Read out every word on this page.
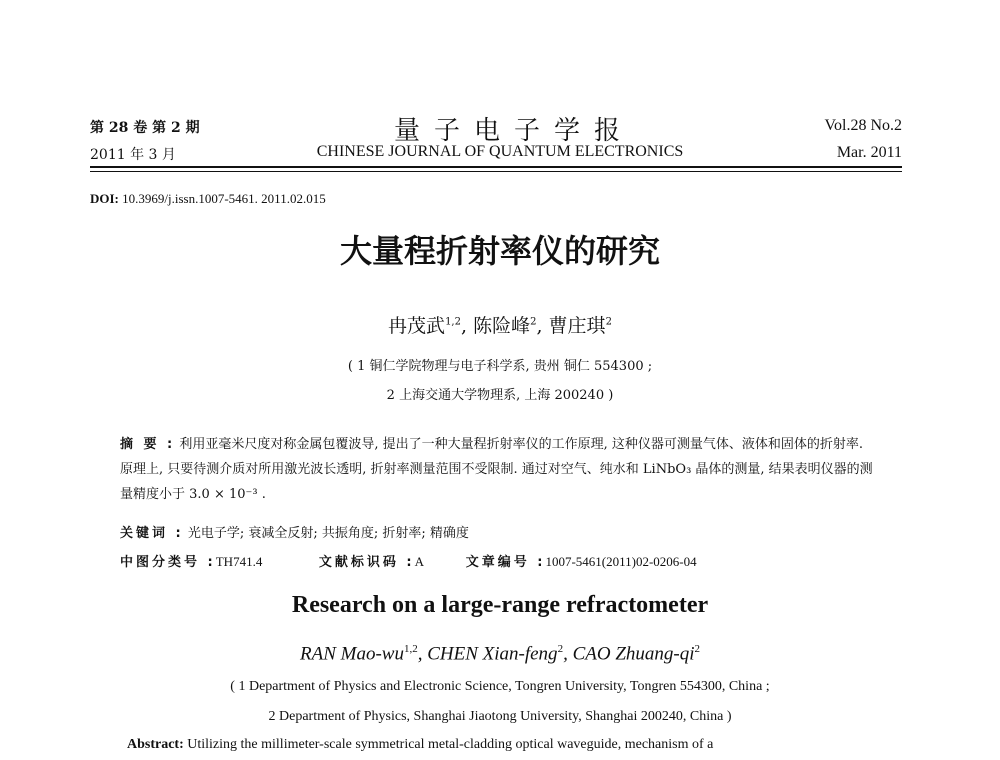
第 28 卷 第 2 期
2011 年 3 月
量子电子学报
CHINESE JOURNAL OF QUANTUM ELECTRONICS
Vol.28 No.2
Mar. 2011
DOI: 10.3969/j.issn.1007-5461. 2011.02.015
大量程折射率仪的研究
冉茂武$^{1,2}$, 陈险峰$^2$, 曹庄琪$^2$
( 1 铜仁学院物理与电子科学系, 贵州 铜仁 554300 ;
2 上海交通大学物理系, 上海 200240 )
摘 要 : 利用亚毫米尺度对称金属包覆波导, 提出了一种大量程折射率仪的工作原理, 这种仪器可测量气体、液体和固体的折射率. 原理上, 只要待测介质对所用激光波长透明, 折射率测量范围不受限制. 通过对空气、纯水和 LiNbO₃ 晶体的测量, 结果表明仪器的测量精度小于 3.0 × 10⁻³ .
关键词 : 光电子学; 衰减全反射; 共振角度; 折射率; 精确度
中图分类号 :TH741.4	文献标识码 :A	文章编号 :1007-5461(2011)02-0206-04
Research on a large-range refractometer
RAN Mao-wu$^{1,2}$, CHEN Xian-feng$^2$, CAO Zhuang-$qi^2$
( 1 Department of Physics and Electronic Science, Tongren University, Tongren 554300, China ;
2 Department of Physics, Shanghai Jiaotong University, Shanghai 200240, China )
Abstract: Utilizing the millimeter-scale symmetrical metal-cladding optical waveguide, mechanism of a
